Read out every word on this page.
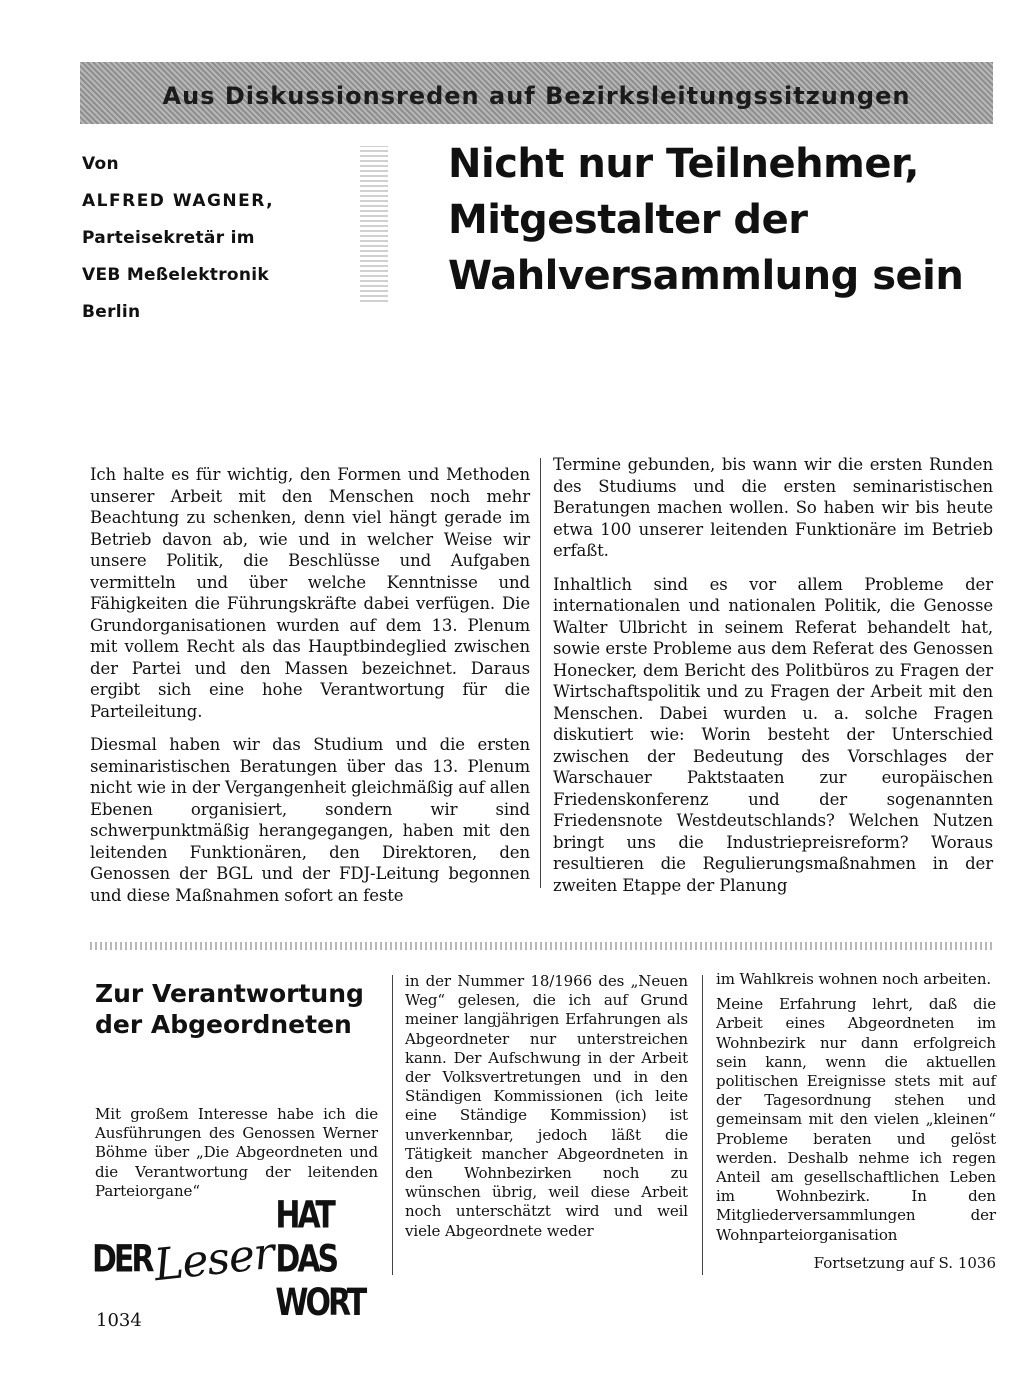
Aus Diskussionsreden auf Bezirksleitungssitzungen
Von
ALFRED WAGNER,
Parteisekretär im
VEB Meßelektronik
Berlin
Nicht nur Teilnehmer,
Mitgestalter der
Wahlversammlung sein

Ich halte es für wichtig, den Formen und Methoden unserer Arbeit mit den Menschen noch mehr Beachtung zu schenken, denn viel hängt gerade im Betrieb davon ab, wie und in welcher Weise wir unsere Politik, die Beschlüsse und Aufgaben vermitteln und über welche Kenntnisse und Fähigkeiten die Führungskräfte dabei verfügen. Die Grundorganisationen wurden auf dem 13. Plenum mit vollem Recht als das Hauptbindeglied zwischen der Partei und den Massen bezeichnet. Daraus ergibt sich eine hohe Verantwortung für die Parteileitung.

Diesmal haben wir das Studium und die ersten seminaristischen Beratungen über das 13. Plenum nicht wie in der Vergangenheit gleichmäßig auf allen Ebenen organisiert, sondern wir sind schwerpunktmäßig herangegangen, haben mit den leitenden Funktionären, den Direktoren, den Genossen der BGL und der FDJ-Leitung begonnen und diese Maßnahmen sofort an feste

Termine gebunden, bis wann wir die ersten Runden des Studiums und die ersten seminaristischen Beratungen machen wollen. So haben wir bis heute etwa 100 unserer leitenden Funktionäre im Betrieb erfaßt.

Inhaltlich sind es vor allem Probleme der internationalen und nationalen Politik, die Genosse Walter Ulbricht in seinem Referat behandelt hat, sowie erste Probleme aus dem Referat des Genossen Honecker, dem Bericht des Politbüros zu Fragen der Wirtschaftspolitik und zu Fragen der Arbeit mit den Menschen. Dabei wurden u. a. solche Fragen diskutiert wie: Worin besteht der Unterschied zwischen der Bedeutung des Vorschlages der Warschauer Paktstaaten zur europäischen Friedenskonferenz und der sogenannten Friedensnote Westdeutschlands? Welchen Nutzen bringt uns die Industriepreisreform? Woraus resultieren die Regulierungsmaßnahmen in der zweiten Etappe der Planung

Zur Verantwortung
der Abgeordneten

Mit großem Interesse habe ich die Ausführungen des Genossen Werner Böhme über „Die Abgeordneten und die Verantwortung der leitenden Parteiorgane“

in der Nummer 18/1966 des „Neuen Weg“ gelesen, die ich auf Grund meiner langjährigen Erfahrungen als Abgeordneter nur unterstreichen kann. Der Aufschwung in der Arbeit der Volksvertretungen und in den Ständigen Kommissionen (ich leite eine Ständige Kommission) ist unverkennbar, jedoch läßt die Tätigkeit mancher Abgeordneten in den Wohnbezirken noch zu wünschen übrig, weil diese Arbeit noch unterschätzt wird und weil viele Abgeordnete weder

im Wahlkreis wohnen noch arbeiten.

Meine Erfahrung lehrt, daß die Arbeit eines Abgeordneten im Wohnbezirk nur dann erfolgreich sein kann, wenn die aktuellen politischen Ereignisse stets mit auf der Tagesordnung stehen und gemeinsam mit den vielen „kleinen“ Probleme beraten und gelöst werden. Deshalb nehme ich regen Anteil am gesellschaftlichen Leben im Wohnbezirk. In den Mitgliederversammlungen der Wohnparteiorganisation

Fortsetzung auf S. 1036
DER Leser
HAT DAS WORT
1034
